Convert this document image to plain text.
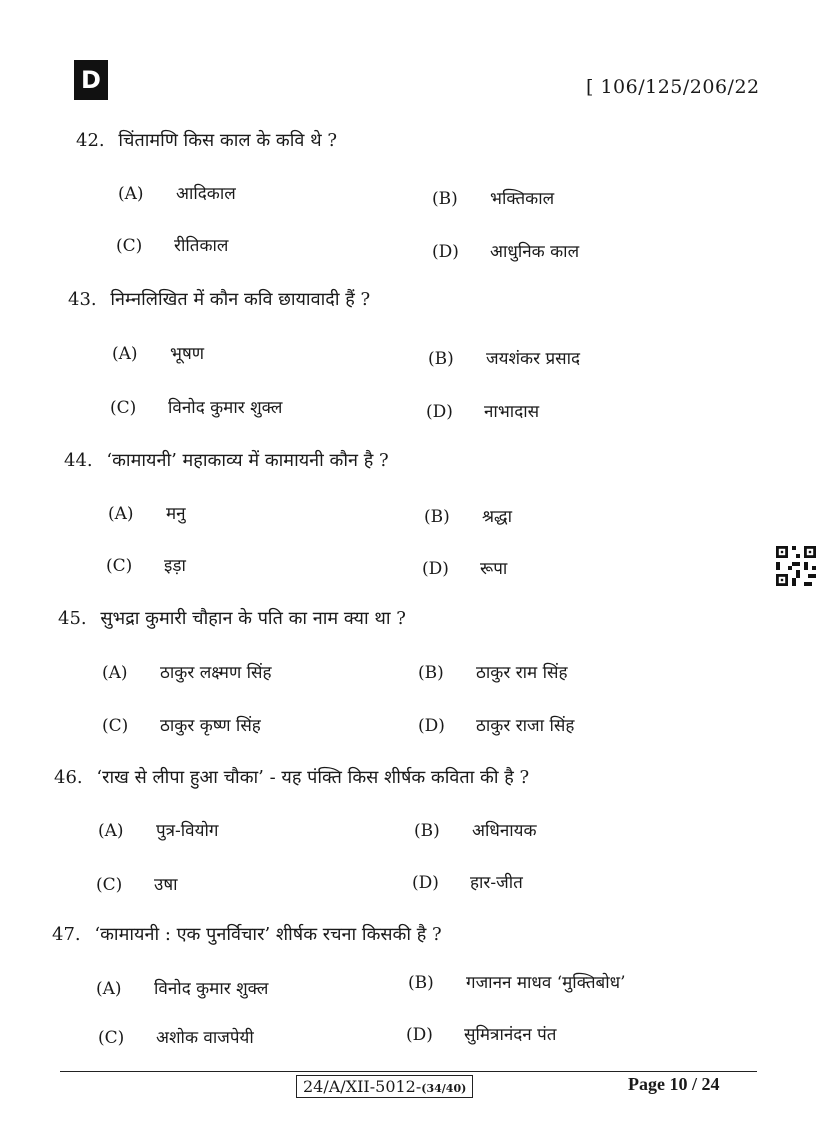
D	[ 106/125/206/22
42. चिंतामणि किस काल के कवि थे ?
(A) आदिकाल	(B) भक्तिकाल
(C) रीतिकाल	(D) आधुनिक काल
43. निम्नलिखित में कौन कवि छायावादी हैं ?
(A) भूषण	(B) जयशंकर प्रसाद
(C) विनोद कुमार शुक्ल	(D) नाभादास
44. ‘कामायनी’ महाकाव्य में कामायनी कौन है ?
(A) मनु	(B) श्रद्धा
(C) इड़ा	(D) रूपा
45. सुभद्रा कुमारी चौहान के पति का नाम क्या था ?
(A) ठाकुर लक्ष्मण सिंह	(B) ठाकुर राम सिंह
(C) ठाकुर कृष्ण सिंह	(D) ठाकुर राजा सिंह
46. ‘राख से लीपा हुआ चौका’ - यह पंक्ति किस शीर्षक कविता की है ?
(A) पुत्र-वियोग	(B) अधिनायक
(C) उषा	(D) हार-जीत
47. ‘कामायनी : एक पुनर्विचार’ शीर्षक रचना किसकी है ?
(A) विनोद कुमार शुक्ल	(B) गजानन माधव ‘मुक्तिबोध’
(C) अशोक वाजपेयी	(D) सुमित्रानंदन पंत
24/A/XII-5012-(34/40)	Page 10 / 24
